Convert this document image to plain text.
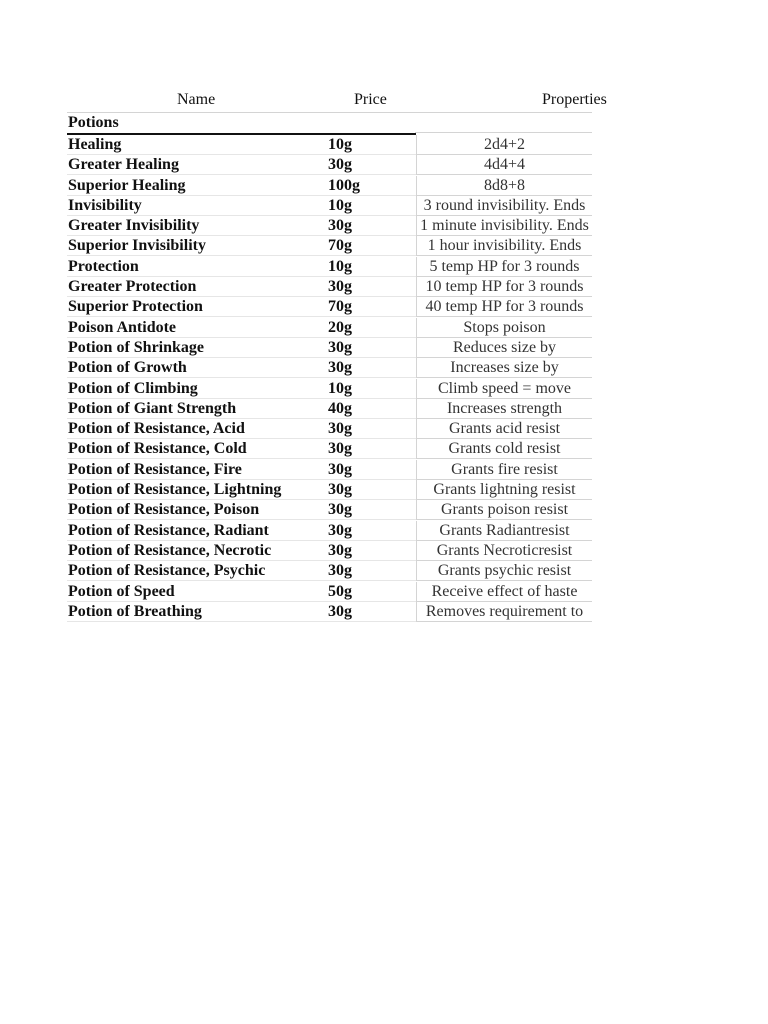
Name	Price	Properties
Potions
Healing	10g	2d4+2
Greater Healing	30g	4d4+4
Superior Healing	100g	8d8+8
Invisibility	10g	3 round invisibility. Ends
Greater Invisibility	30g	1 minute invisibility. Ends
Superior Invisibility	70g	1 hour invisibility. Ends
Protection	10g	5 temp HP for 3 rounds
Greater Protection	30g	10 temp HP for 3 rounds
Superior Protection	70g	40 temp HP for 3 rounds
Poison Antidote	20g	Stops poison
Potion of Shrinkage	30g	Reduces size by
Potion of Growth	30g	Increases size by
Potion of Climbing	10g	Climb speed = move
Potion of Giant Strength	40g	Increases strength
Potion of Resistance, Acid	30g	Grants acid resist
Potion of Resistance, Cold	30g	Grants cold resist
Potion of Resistance, Fire	30g	Grants fire resist
Potion of Resistance, Lightning	30g	Grants lightning resist
Potion of Resistance, Poison	30g	Grants poison resist
Potion of Resistance, Radiant	30g	Grants Radiantresist
Potion of Resistance, Necrotic	30g	Grants Necroticresist
Potion of Resistance, Psychic	30g	Grants psychic resist
Potion of Speed	50g	Receive effect of haste
Potion of Breathing	30g	Removes requirement to
